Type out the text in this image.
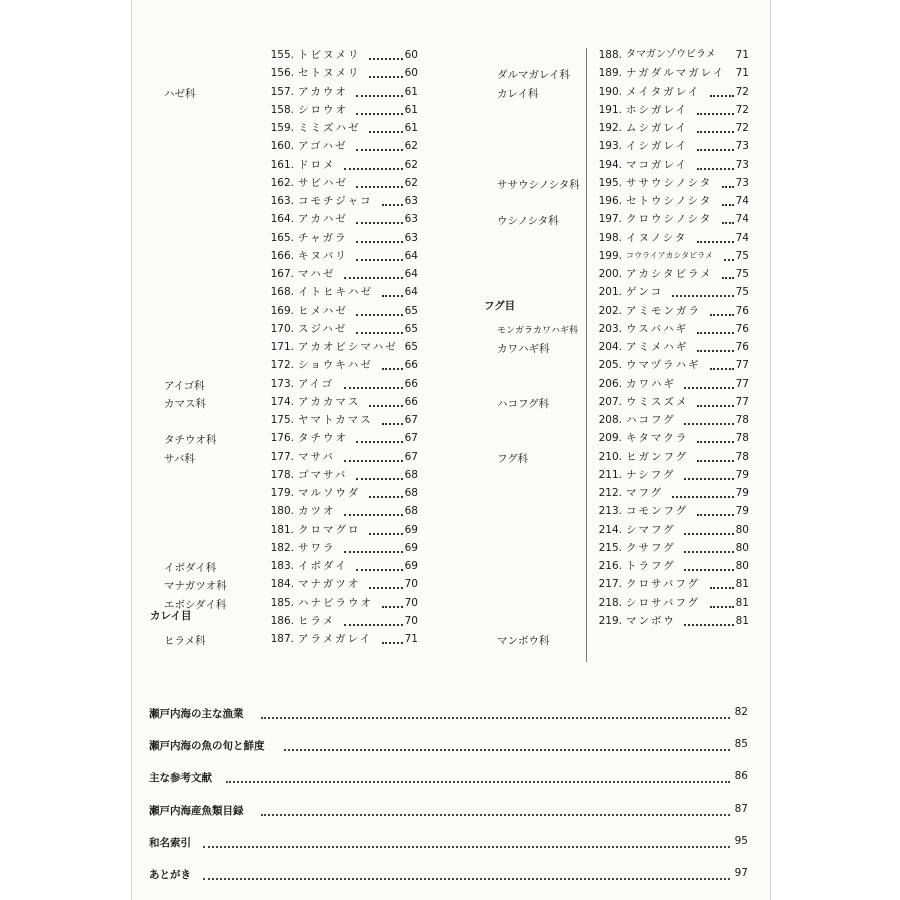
155. トビヌメリ	60
156. セトヌメリ	60
157. アカウオ	61
158. シロウオ	61
159. ミミズハゼ	61
160. アゴハゼ	62
161. ドロメ	62
162. サビハゼ	62
163. コモチジャコ	63
164. アカハゼ	63
165. チャガラ	63
166. キヌバリ	64
167. マハゼ	64
168. イトヒキハゼ	64
169. ヒメハゼ	65
170. スジハゼ	65
171. アカオビシマハゼ 65
172. ショウキハゼ	66
173. アイゴ	66
174. アカカマス	66
175. ヤマトカマス	67
176. タチウオ	67
177. マサバ	67
178. ゴマサバ	68
179. マルソウダ	68
180. カツオ	68
181. クロマグロ	69
182. サワラ	69
183. イボダイ	69
184. マナガツオ	70
185. ハナビラウオ	70
186. ヒラメ	70
187. アラメガレイ	71
ハゼ科
アイゴ科
カマス科
タチウオ科
サバ科
イボダイ科
マナガツオ科
エボシダイ科
ヒラメ科
カレイ目
188. タマガンゾウビラメ 71
189. ナガダルマガレイ 71
190. メイタガレイ	72
191. ホシガレイ	72
192. ムシガレイ	72
193. イシガレイ	73
194. マコガレイ	73
195. ササウシノシタ 73
196. セトウシノシタ 74
197. クロウシノシタ 74
198. イヌノシタ	74
199. コウライアカシタビラメ 75
200. アカシタビラメ 75
201. ゲンコ	75
202. アミモンガラ	76
203. ウスバハギ	76
204. アミメハギ	76
205. ウマヅラハギ	77
206. カワハギ	77
207. ウミスズメ	77
208. ハコフグ	78
209. キタマクラ	78
210. ヒガンフグ	78
211. ナシフグ	79
212. マフグ	79
213. コモンフグ	79
214. シマフグ	80
215. クサフグ	80
216. トラフグ	80
217. クロサバフグ	81
218. シロサバフグ	81
219. マンボウ	81
ダルマガレイ科
カレイ科
ササウシノシタ科
ウシノシタ科
モンガラカワハギ科
カワハギ科
ハコフグ科
フグ科
マンボウ科
フグ目
瀬戸内海の主な漁業	82
瀬戸内海の魚の旬と鮮度	85
主な参考文献	86
瀬戸内海産魚類目録	87
和名索引	95
あとがき	97
